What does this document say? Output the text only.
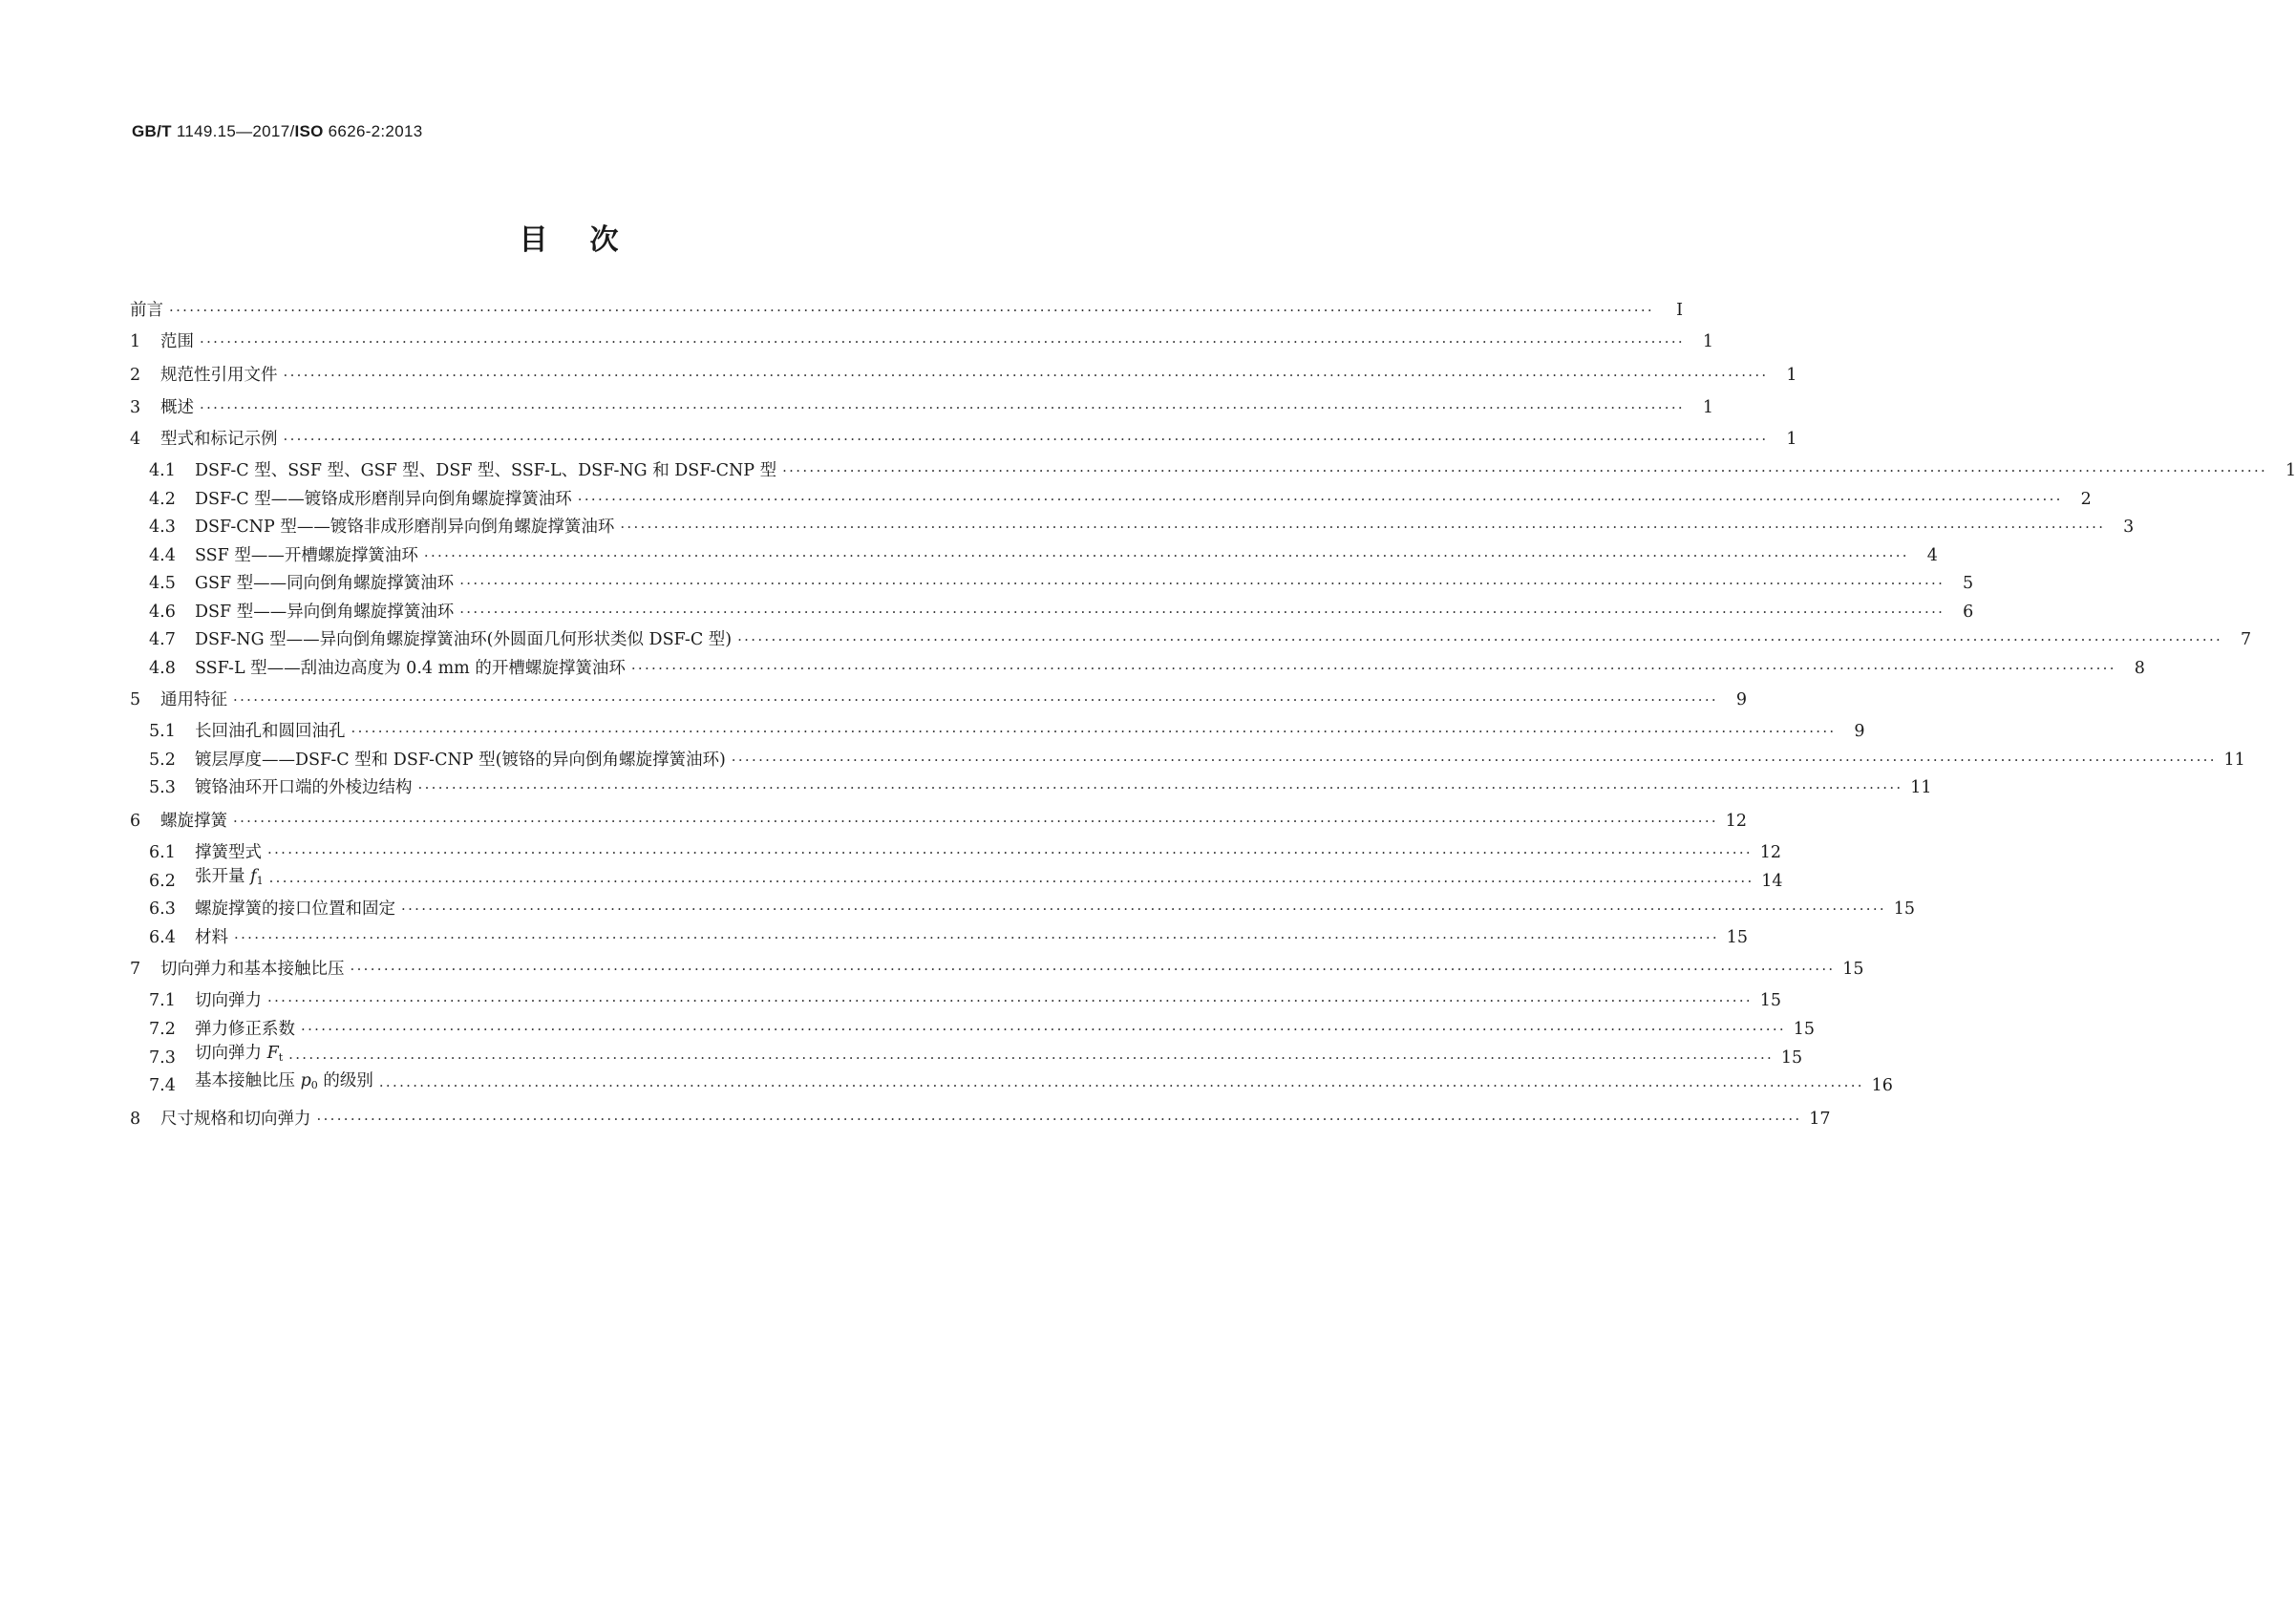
GB/T 1149.15—2017/ISO 6626-2:2013
目次
前言 ····························································································································································································································	Ⅰ
1	范围 ····························································································································································································································	1
2	规范性引用文件 ····························································································································································································································	1
3	概述 ····························································································································································································································	1
4	型式和标记示例 ····························································································································································································································	1
4.1	DSF-C 型、SSF 型、GSF 型、DSF 型、SSF-L、DSF-NG 和 DSF-CNP 型 ····························································································································································································································	1
4.2	DSF-C 型——镀铬成形磨削异向倒角螺旋撑簧油环 ····························································································································································································································	2
4.3	DSF-CNP 型——镀铬非成形磨削异向倒角螺旋撑簧油环 ····························································································································································································································	3
4.4	SSF 型——开槽螺旋撑簧油环 ····························································································································································································································	4
4.5	GSF 型——同向倒角螺旋撑簧油环 ····························································································································································································································	5
4.6	DSF 型——异向倒角螺旋撑簧油环 ····························································································································································································································	6
4.7	DSF-NG 型——异向倒角螺旋撑簧油环(外圆面几何形状类似 DSF-C 型) ····························································································································································································································	7
4.8	SSF-L 型——刮油边高度为 0.4 mm 的开槽螺旋撑簧油环 ····························································································································································································································	8
5	通用特征 ····························································································································································································································	9
5.1	长回油孔和圆回油孔 ····························································································································································································································	9
5.2	镀层厚度——DSF-C 型和 DSF-CNP 型(镀铬的异向倒角螺旋撑簧油环) ···························································································································································································································· 11
5.3	镀铬油环开口端的外棱边结构 ···························································································································································································································· 11
6	螺旋撑簧 ···························································································································································································································· 12
6.1	撑簧型式 ···························································································································································································································· 12
6.2	张开量 $f_1$ ···························································································································································································································· 14
6.3	螺旋撑簧的接口位置和固定 ···························································································································································································································· 15
6.4	材料 ···························································································································································································································· 15
7	切向弹力和基本接触比压 ···························································································································································································································· 15
7.1	切向弹力 ···························································································································································································································· 15
7.2	弹力修正系数 ···························································································································································································································· 15
7.3	切向弹力 $F_t$ ···························································································································································································································· 15
7.4	基本接触比压 $p_0$ 的级别 ···························································································································································································································· 16
8	尺寸规格和切向弹力 ···························································································································································································································· 17
